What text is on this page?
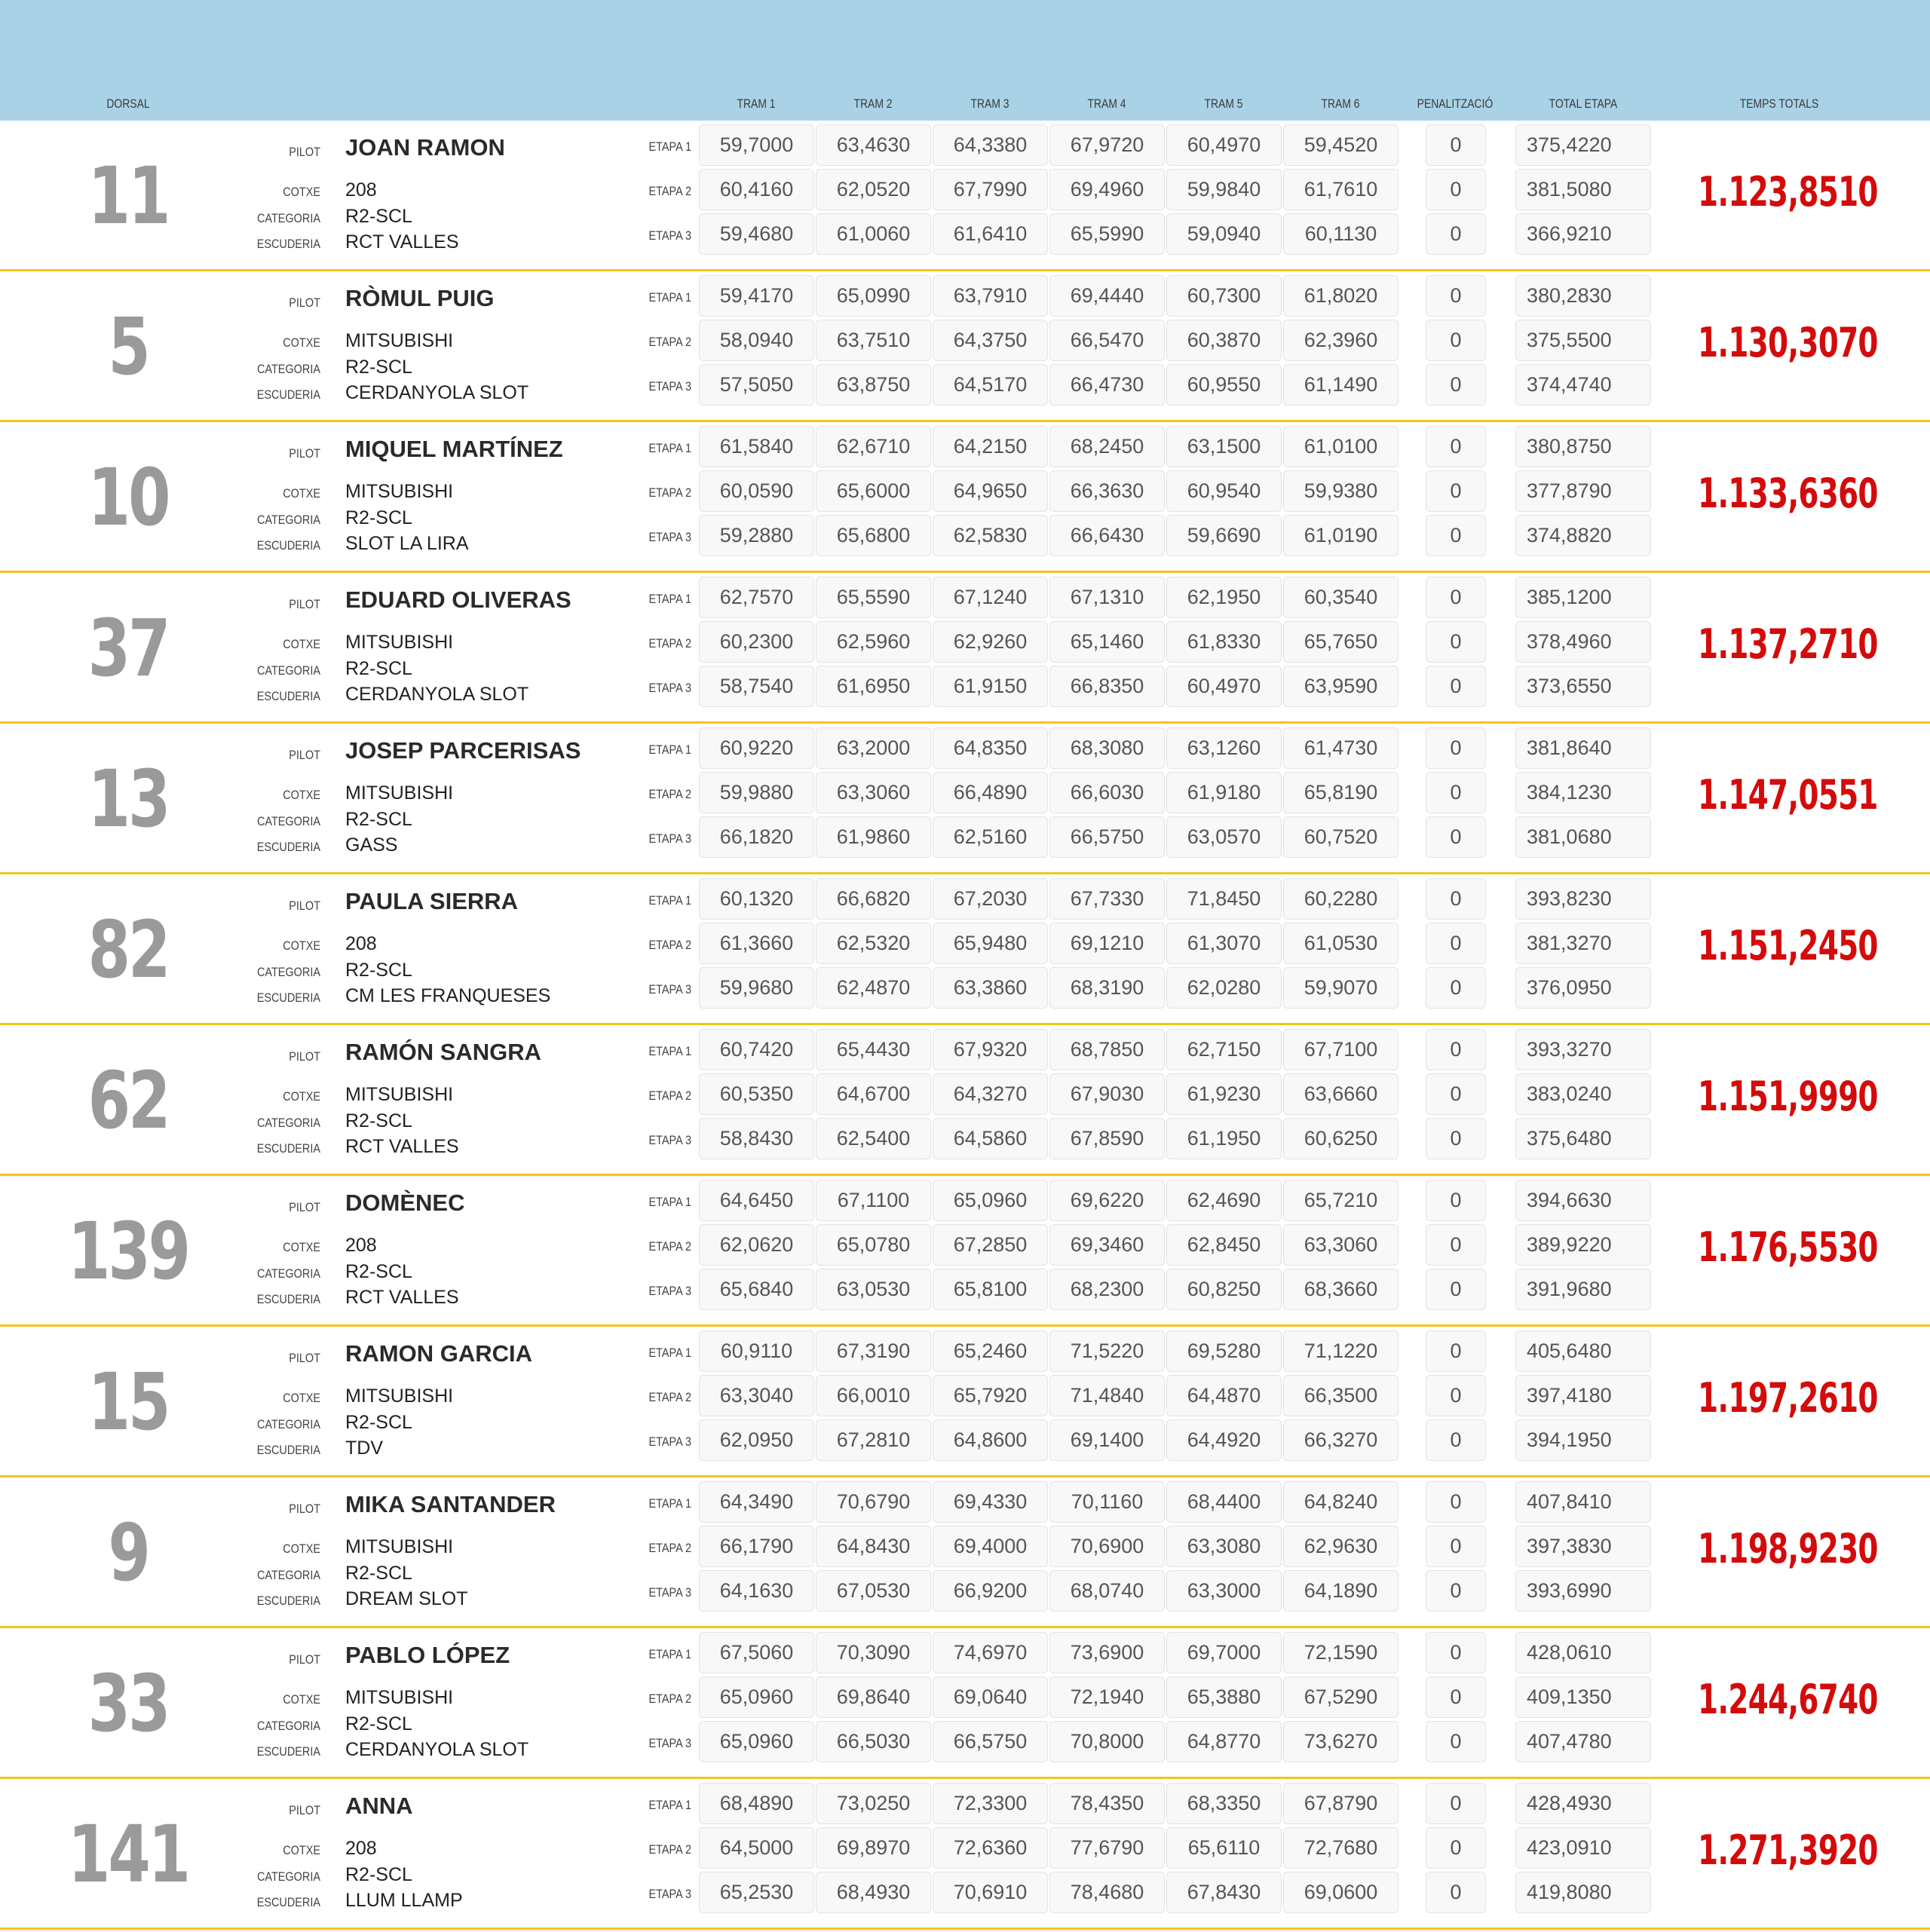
DORSAL	TRAM 1	TRAM 2	TRAM 3	TRAM 4	TRAM 5	TRAM 6	PENALITZACIÓ	TOTAL ETAPA	TEMPS TOTALS
11	PILOT JOAN RAMON
COTXE 208
CATEGORIA R2-SCL
ESCUDERIA RCT VALLES
ETAPA 1	59,7000	63,4630	64,3380	67,9720	60,4970	59,4520	0	375,4220
ETAPA 2	60,4160	62,0520	67,7990	69,4960	59,9840	61,7610	0	381,5080
ETAPA 3	59,4680	61,0060	61,6410	65,5990	59,0940	60,1130	0	366,9210
1.123,8510
5	PILOT RÒMUL PUIG
COTXE MITSUBISHI
CATEGORIA R2-SCL
ESCUDERIA CERDANYOLA SLOT
ETAPA 1	59,4170	65,0990	63,7910	69,4440	60,7300	61,8020	0	380,2830
ETAPA 2	58,0940	63,7510	64,3750	66,5470	60,3870	62,3960	0	375,5500
ETAPA 3	57,5050	63,8750	64,5170	66,4730	60,9550	61,1490	0	374,4740
1.130,3070
10	PILOT MIQUEL MARTÍNEZ
COTXE MITSUBISHI
CATEGORIA R2-SCL
ESCUDERIA SLOT LA LIRA
ETAPA 1	61,5840	62,6710	64,2150	68,2450	63,1500	61,0100	0	380,8750
ETAPA 2	60,0590	65,6000	64,9650	66,3630	60,9540	59,9380	0	377,8790
ETAPA 3	59,2880	65,6800	62,5830	66,6430	59,6690	61,0190	0	374,8820
1.133,6360
37	PILOT EDUARD OLIVERAS
COTXE MITSUBISHI
CATEGORIA R2-SCL
ESCUDERIA CERDANYOLA SLOT
ETAPA 1	62,7570	65,5590	67,1240	67,1310	62,1950	60,3540	0	385,1200
ETAPA 2	60,2300	62,5960	62,9260	65,1460	61,8330	65,7650	0	378,4960
ETAPA 3	58,7540	61,6950	61,9150	66,8350	60,4970	63,9590	0	373,6550
1.137,2710
13	PILOT JOSEP PARCERISAS
COTXE MITSUBISHI
CATEGORIA R2-SCL
ESCUDERIA GASS
ETAPA 1	60,9220	63,2000	64,8350	68,3080	63,1260	61,4730	0	381,8640
ETAPA 2	59,9880	63,3060	66,4890	66,6030	61,9180	65,8190	0	384,1230
ETAPA 3	66,1820	61,9860	62,5160	66,5750	63,0570	60,7520	0	381,0680
1.147,0551
82	PILOT PAULA SIERRA
COTXE 208
CATEGORIA R2-SCL
ESCUDERIA CM LES FRANQUESES
ETAPA 1	60,1320	66,6820	67,2030	67,7330	71,8450	60,2280	0	393,8230
ETAPA 2	61,3660	62,5320	65,9480	69,1210	61,3070	61,0530	0	381,3270
ETAPA 3	59,9680	62,4870	63,3860	68,3190	62,0280	59,9070	0	376,0950
1.151,2450
62	PILOT RAMÓN SANGRA
COTXE MITSUBISHI
CATEGORIA R2-SCL
ESCUDERIA RCT VALLES
ETAPA 1	60,7420	65,4430	67,9320	68,7850	62,7150	67,7100	0	393,3270
ETAPA 2	60,5350	64,6700	64,3270	67,9030	61,9230	63,6660	0	383,0240
ETAPA 3	58,8430	62,5400	64,5860	67,8590	61,1950	60,6250	0	375,6480
1.151,9990
139	PILOT DOMÈNEC
COTXE 208
CATEGORIA R2-SCL
ESCUDERIA RCT VALLES
ETAPA 1	64,6450	67,1100	65,0960	69,6220	62,4690	65,7210	0	394,6630
ETAPA 2	62,0620	65,0780	67,2850	69,3460	62,8450	63,3060	0	389,9220
ETAPA 3	65,6840	63,0530	65,8100	68,2300	60,8250	68,3660	0	391,9680
1.176,5530
15	PILOT RAMON GARCIA
COTXE MITSUBISHI
CATEGORIA R2-SCL
ESCUDERIA TDV
ETAPA 1	60,9110	67,3190	65,2460	71,5220	69,5280	71,1220	0	405,6480
ETAPA 2	63,3040	66,0010	65,7920	71,4840	64,4870	66,3500	0	397,4180
ETAPA 3	62,0950	67,2810	64,8600	69,1400	64,4920	66,3270	0	394,1950
1.197,2610
9	PILOT MIKA SANTANDER
COTXE MITSUBISHI
CATEGORIA R2-SCL
ESCUDERIA DREAM SLOT
ETAPA 1	64,3490	70,6790	69,4330	70,1160	68,4400	64,8240	0	407,8410
ETAPA 2	66,1790	64,8430	69,4000	70,6900	63,3080	62,9630	0	397,3830
ETAPA 3	64,1630	67,0530	66,9200	68,0740	63,3000	64,1890	0	393,6990
1.198,9230
33	PILOT PABLO LÓPEZ
COTXE MITSUBISHI
CATEGORIA R2-SCL
ESCUDERIA CERDANYOLA SLOT
ETAPA 1	67,5060	70,3090	74,6970	73,6900	69,7000	72,1590	0	428,0610
ETAPA 2	65,0960	69,8640	69,0640	72,1940	65,3880	67,5290	0	409,1350
ETAPA 3	65,0960	66,5030	66,5750	70,8000	64,8770	73,6270	0	407,4780
1.244,6740
141	PILOT ANNA
COTXE 208
CATEGORIA R2-SCL
ESCUDERIA LLUM LLAMP
ETAPA 1	68,4890	73,0250	72,3300	78,4350	68,3350	67,8790	0	428,4930
ETAPA 2	64,5000	69,8970	72,6360	77,6790	65,6110	72,7680	0	423,0910
ETAPA 3	65,2530	68,4930	70,6910	78,4680	67,8430	69,0600	0	419,8080
1.271,3920
